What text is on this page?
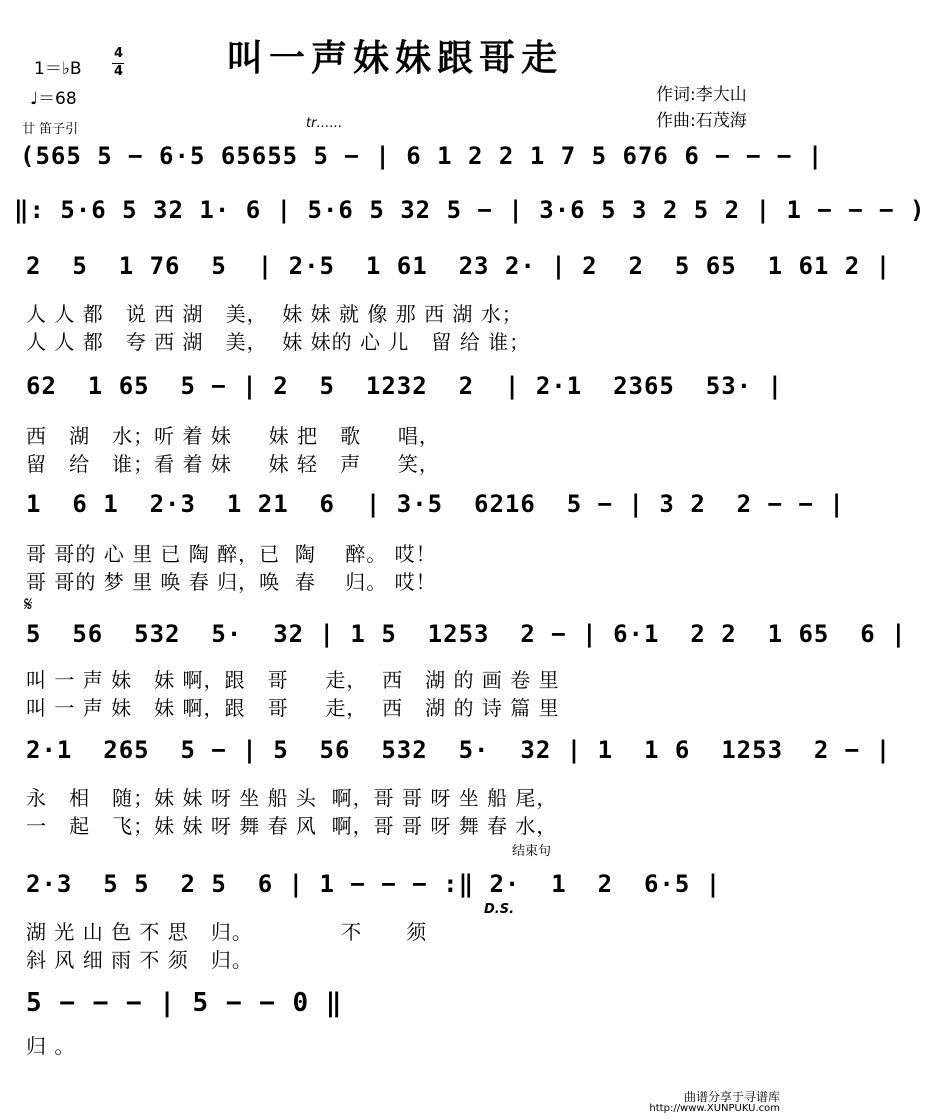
叫一声妹妹跟哥走
1＝♭B
4
4
♩＝68	作词:李大山
作曲:石茂海
廿 笛子引	tr……
(565 5 − 6·5 65655 5 − | 6 1 2 2 1 7 5 676 6 − − − |
‖: 5·6 5 32 1· 6 | 5·6 5 32 5 − | 3·6 5 3 2 5 2 | 1 − − − )
2  5  1 76  5  | 2·5  1 61  23 2· | 2  2  5 65  1 61 2 |
人 人 都   说 西 湖   美，  妹 妹 就 像 那 西 湖 水；
人 人 都   夸 西 湖   美，  妹 妹的 心 儿   留 给 谁；
62  1 65  5 − | 2  5  1232  2  | 2·1  2365  53· |
西   湖   水；听 着 妹     妹 把   歌     唱，
留   给   谁；看 着 妹     妹 轻   声     笑，
1  6 1  2·3  1 21  6  | 3·5  6216  5 − | 3 2  2 − − |
哥 哥的 心 里 已 陶 醉，已  陶    醉。 哎！
哥 哥的 梦 里 唤 春 归，唤  春    归。 哎！
𝄋
5  56  532  5·  32 | 1 5  1253  2 − | 6·1  2 2  1 65  6 |
叫 一 声 妹   妹 啊，跟   哥     走，  西   湖 的 画 卷 里
叫 一 声 妹   妹 啊，跟   哥     走，  西   湖 的 诗 篇 里
2·1  265  5 − | 5  56  532  5·  32 | 1  1 6  1253  2 − |
永   相   随；妹 妹 呀 坐 船 头  啊，哥 哥 呀 坐 船 尾，
一   起   飞；妹 妹 呀 舞 春 风  啊，哥 哥 呀 舞 春 水，
结束句
2·3  5 5  2 5  6 | 1 − − − :‖ 2·  1  2  6·5 |
D.S.
湖 光 山 色 不 思   归。            不      须
斜 风 细 雨 不 须   归。
5 − − − | 5 − − 0 ‖
归 。
曲谱分享于寻谱库
http://www.XUNPUKU.com
